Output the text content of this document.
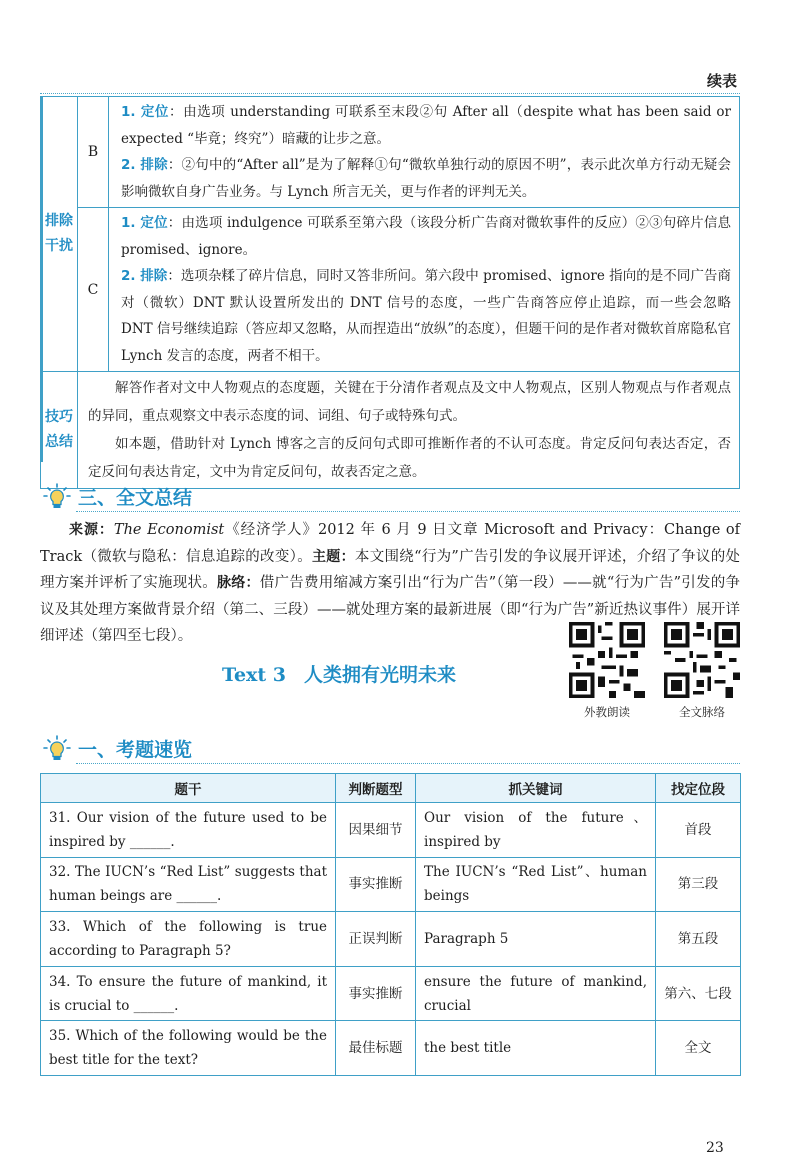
续表
排除干扰	B	1. 定位：由选项 understanding 可联系至末段②句 After all（despite what has been said or expected “毕竟；终究”）暗藏的让步之意。

2. 排除：②句中的“After all”是为了解释①句“微软单独行动的原因不明”，表示此次单方行动无疑会影响微软自身广告业务。与 Lynch 所言无关，更与作者的评判无关。

	C	1. 定位：由选项 indulgence 可联系至第六段（该段分析广告商对微软事件的反应）②③句碎片信息 promised、ignore。

2. 排除：选项杂糅了碎片信息，同时又答非所问。第六段中 promised、ignore 指向的是不同广告商对（微软）DNT 默认设置所发出的 DNT 信号的态度，一些广告商答应停止追踪，而一些会忽略 DNT 信号继续追踪（答应却又忽略，从而捏造出“放纵”的态度），但题干问的是作者对微软首席隐私官 Lynch 发言的态度，两者不相干。

技巧总结	解答作者对文中人物观点的态度题，关键在于分清作者观点及文中人物观点，区别人物观点与作者观点的异同，重点观察文中表示态度的词、词组、句子或特殊句式。

如本题，借助针对 Lynch 博客之言的反问句式即可推断作者的不认可态度。肯定反问句表达否定，否定反问句表达肯定，文中为肯定反问句，故表否定之意。	

三、全文总结

来源：The Economist《经济学人》2012 年 6 月 9 日文章 Microsoft and Privacy：Change of Track（微软与隐私：信息追踪的改变）。主题：本文围绕“行为”广告引发的争议展开评述，介绍了争议的处理方案并评析了实施现状。脉络：借广告费用缩减方案引出“行为广告”（第一段）——就“行为广告”引发的争议及其处理方案做背景介绍（第二、三段）——就处理方案的最新进展（即“行为广告”新近热议事件）展开详细评述（第四至七段）。

Text 3 人类拥有光明未来
外教朗读	全文脉络
一、考题速览
题干	判断题型	抓关键词	找定位段
31. Our vision of the future used to be inspired by ______.	因果细节	Our vision of the future、inspired by	首段
32. The IUCN’s “Red List” suggests that human beings are ______.	事实推断	The IUCN’s “Red List”、human beings	第三段
33. Which of the following is true according to Paragraph 5?	正误判断	Paragraph 5	第五段
34. To ensure the future of mankind, it is crucial to ______.	事实推断	ensure the future of mankind, crucial	第六、七段
35. Which of the following would be the best title for the text?	最佳标题	the best title	全文
23
